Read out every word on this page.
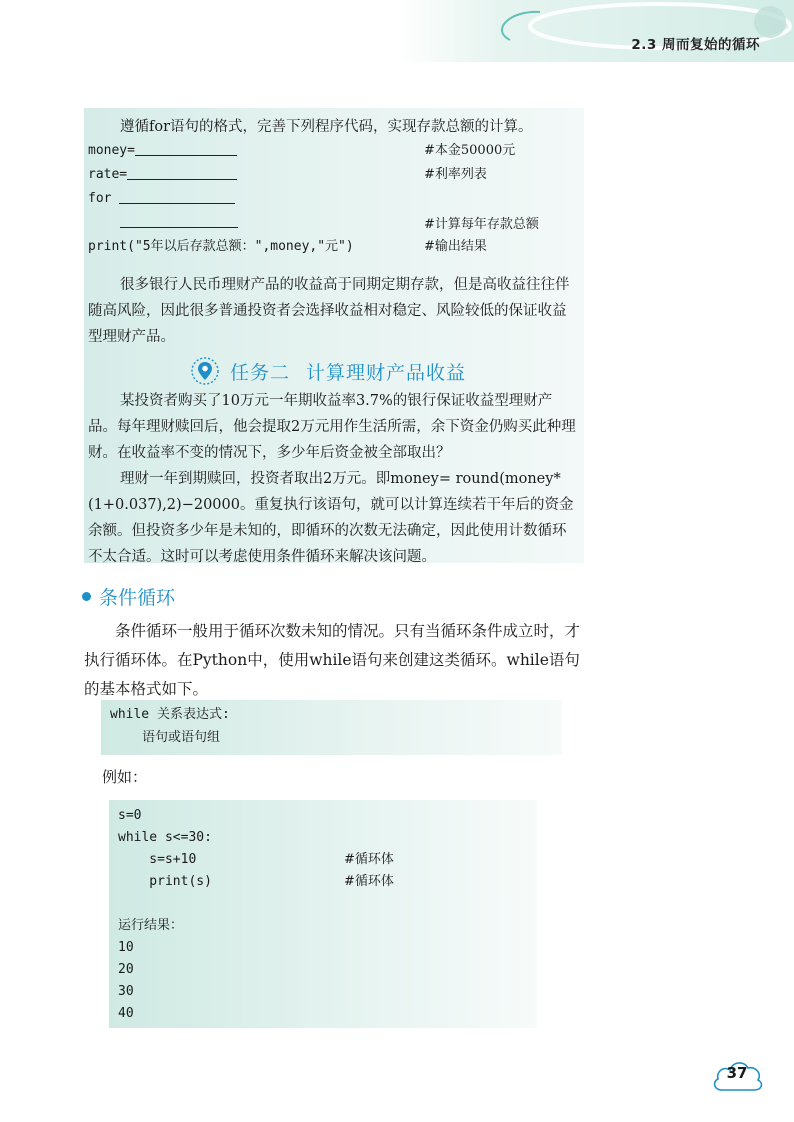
2.3 周而复始的循环

遵循for语句的格式，完善下列程序代码，实现存款总额的计算。

money=	#本金50000元
rate=	#利率列表
for
#计算每年存款总额
print("5年以后存款总额：",money,"元")	#输出结果

很多银行人民币理财产品的收益高于同期定期存款，但是高收益往往伴随高风险，因此很多普通投资者会选择收益相对稳定、风险较低的保证收益型理财产品。

某投资者购买了10万元一年期收益率3.7%的银行保证收益型理财产品。每年理财赎回后，他会提取2万元用作生活所需，余下资金仍购买此种理财。在收益率不变的情况下，多少年后资金被全部取出？

理财一年到期赎回，投资者取出2万元。即money= round(money*(1+0.037),2)−20000。重复执行该语句，就可以计算连续若干年后的资金余额。但投资多少年是未知的，即循环的次数无法确定，因此使用计数循环不太合适。这时可以考虑使用条件循环来解决该问题。

任务二 计算理财产品收益
条件循环

条件循环一般用于循环次数未知的情况。只有当循环条件成立时，才执行循环体。在Python中，使用while语句来创建这类循环。while语句的基本格式如下。

while 关系表达式:
语句或语句组
例如：
s=0
while s<=30:
s=s+10	#循环体
print(s)	#循环体
运行结果：
10
20
30
40
37
